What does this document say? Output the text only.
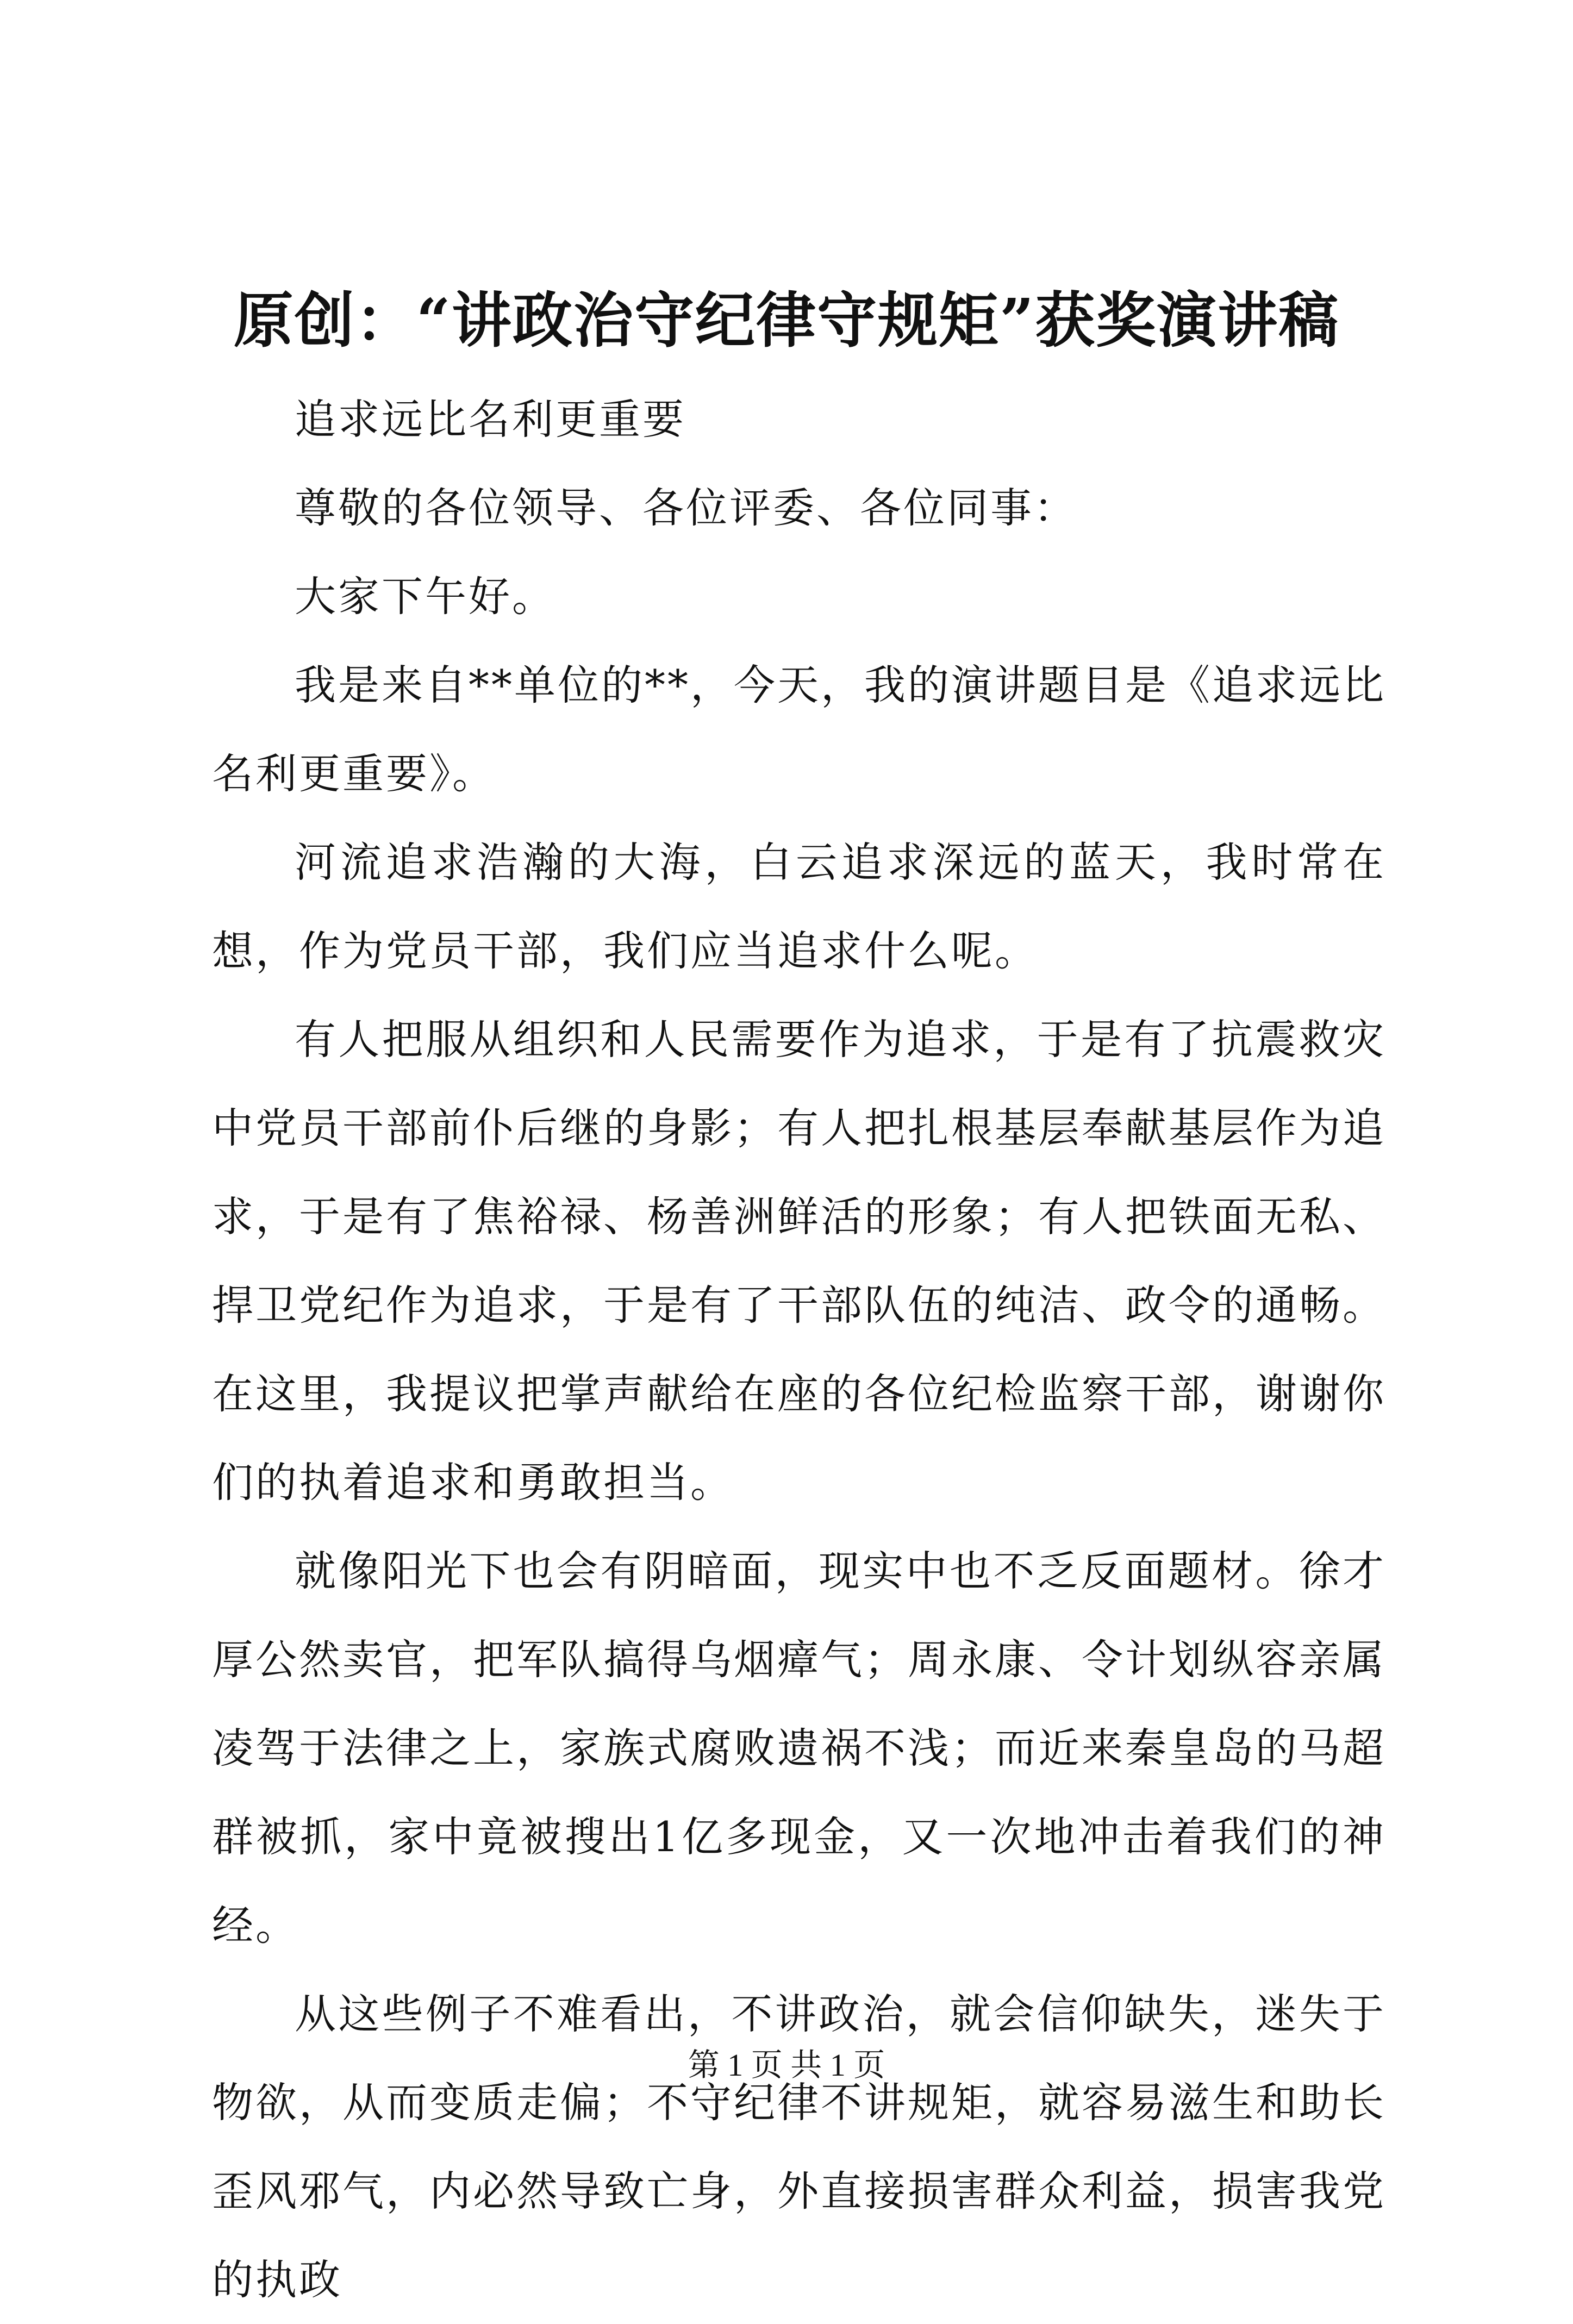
原创：“讲政治守纪律守规矩”获奖演讲稿

追求远比名利更重要

尊敬的各位领导、各位评委、各位同事：

大家下午好。

我是来自**单位的**，今天，我的演讲题目是《追求远比名利更重要》。

河流追求浩瀚的大海，白云追求深远的蓝天，我时常在想，作为党员干部，我们应当追求什么呢。

有人把服从组织和人民需要作为追求，于是有了抗震救灾中党员干部前仆后继的身影；有人把扎根基层奉献基层作为追求，于是有了焦裕禄、杨善洲鲜活的形象；有人把铁面无私、捍卫党纪作为追求，于是有了干部队伍的纯洁、政令的通畅。在这里，我提议把掌声献给在座的各位纪检监察干部，谢谢你们的执着追求和勇敢担当。

就像阳光下也会有阴暗面，现实中也不乏反面题材。徐才厚公然卖官，把军队搞得乌烟瘴气；周永康、令计划纵容亲属凌驾于法律之上，家族式腐败遗祸不浅；而近来秦皇岛的马超群被抓，家中竟被搜出1亿多现金，又一次地冲击着我们的神经。

从这些例子不难看出，不讲政治，就会信仰缺失，迷失于物欲，从而变质走偏；不守纪律不讲规矩，就容易滋生和助长歪风邪气，内必然导致亡身，外直接损害群众利益，损害我党的执政

第 1 页 共 1 页
